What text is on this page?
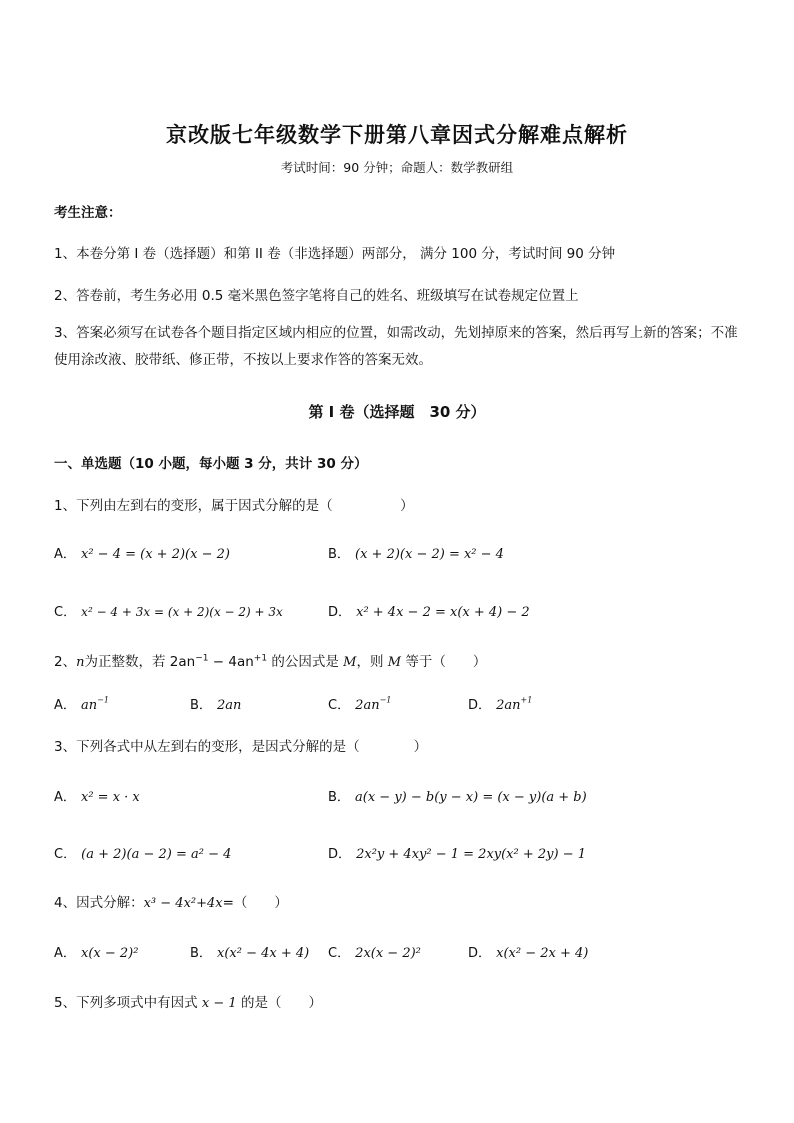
京改版七年级数学下册第八章因式分解难点解析
考试时间：90 分钟；命题人：数学教研组
考生注意：
1、本卷分第 I 卷（选择题）和第 II 卷（非选择题）两部分， 满分 100 分，考试时间 90 分钟
2、答卷前，考生务必用 0.5 毫米黑色签字笔将自己的姓名、班级填写在试卷规定位置上
3、答案必须写在试卷各个题目指定区域内相应的位置，如需改动，先划掉原来的答案，然后再写上新的答案；不准使用涂改液、胶带纸、修正带，不按以上要求作答的答案无效。
第 I 卷（选择题　30 分）
一、单选题（10 小题，每小题 3 分，共计 30 分）
1、下列由左到右的变形，属于因式分解的是（　　　　　）
A． x² − 4 = (x + 2)(x − 2)	B． (x + 2)(x − 2) = x² − 4
C． x² − 4 + 3x = (x + 2)(x − 2) + 3x	D． x² + 4x − 2 = x(x + 4) − 2
2、n为正整数，若 $2an^{-1} - 4an^{+1}$ 的公因式是 M，则 M 等于（　　）
A． $an^{-1}$	B． 2an	C． $2an^{-1}$	D． $2an^{+1}$
3、下列各式中从左到右的变形，是因式分解的是（　　　　）
A． x² = x · x	B． a(x − y) − b(y − x) = (x − y)(a + b)
C． (a + 2)(a − 2) = a² − 4	D． 2x²y + 4xy² − 1 = 2xy(x² + 2y) − 1
4、因式分解：x³ − 4x²+4x=（　　）
A． x(x − 2)²	B． x(x² − 4x + 4) C． 2x(x − 2)²	D． x(x² − 2x + 4)
5、下列多项式中有因式 x − 1 的是（　　）
